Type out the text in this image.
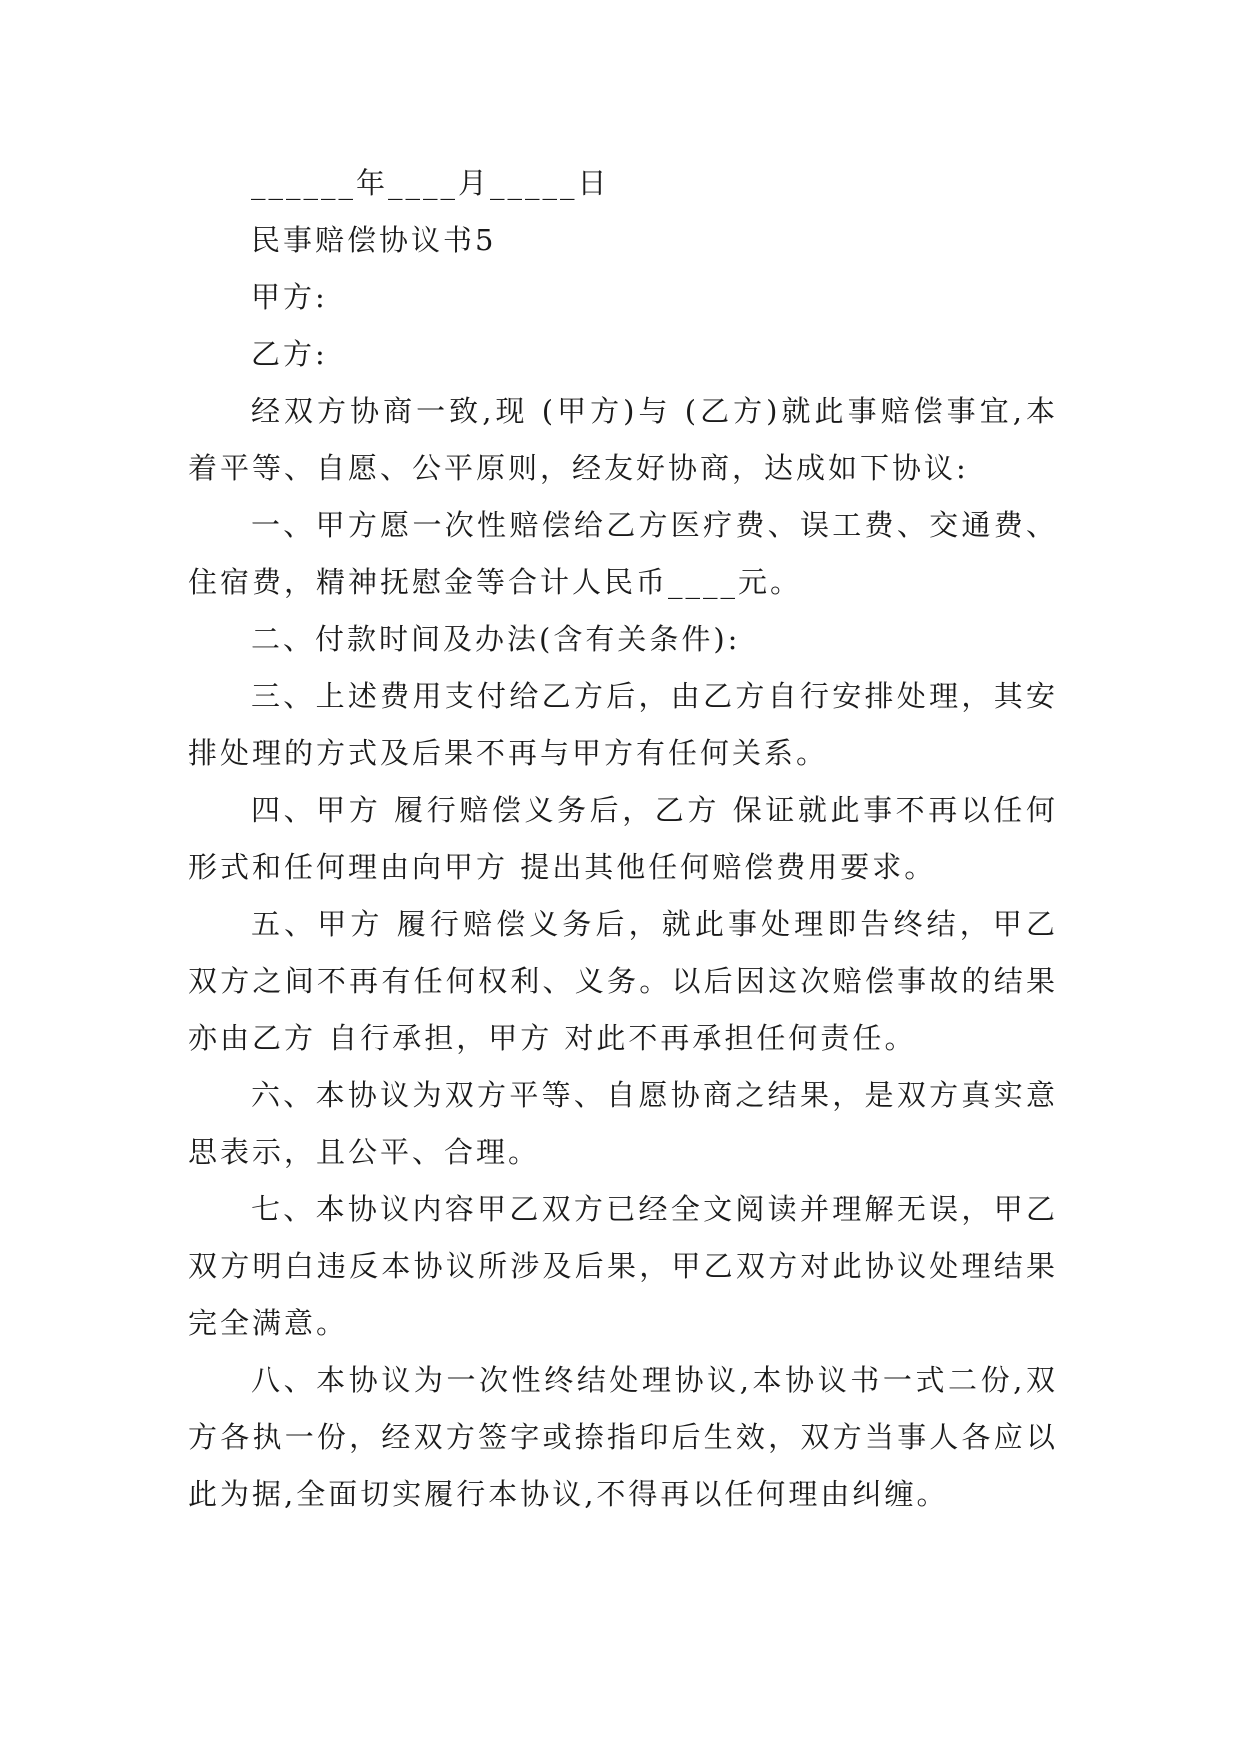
______年____月_____日

民事赔偿协议书5

甲方:

乙方:

经双方协商一致,现 (甲方)与 (乙方)就此事赔偿事宜,本着平等、自愿、公平原则，经友好协商，达成如下协议:

一、甲方愿一次性赔偿给乙方医疗费、误工费、交通费、住宿费，精神抚慰金等合计人民币____元。

二、付款时间及办法(含有关条件):

三、上述费用支付给乙方后，由乙方自行安排处理，其安排处理的方式及后果不再与甲方有任何关系。

四、甲方 履行赔偿义务后，乙方 保证就此事不再以任何形式和任何理由向甲方 提出其他任何赔偿费用要求。

五、甲方 履行赔偿义务后，就此事处理即告终结，甲乙双方之间不再有任何权利、义务。以后因这次赔偿事故的结果亦由乙方 自行承担，甲方 对此不再承担任何责任。

六、本协议为双方平等、自愿协商之结果，是双方真实意思表示，且公平、合理。

七、本协议内容甲乙双方已经全文阅读并理解无误，甲乙双方明白违反本协议所涉及后果，甲乙双方对此协议处理结果完全满意。

八、本协议为一次性终结处理协议,本协议书一式二份,双方各执一份，经双方签字或捺指印后生效，双方当事人各应以此为据,全面切实履行本协议,不得再以任何理由纠缠。
